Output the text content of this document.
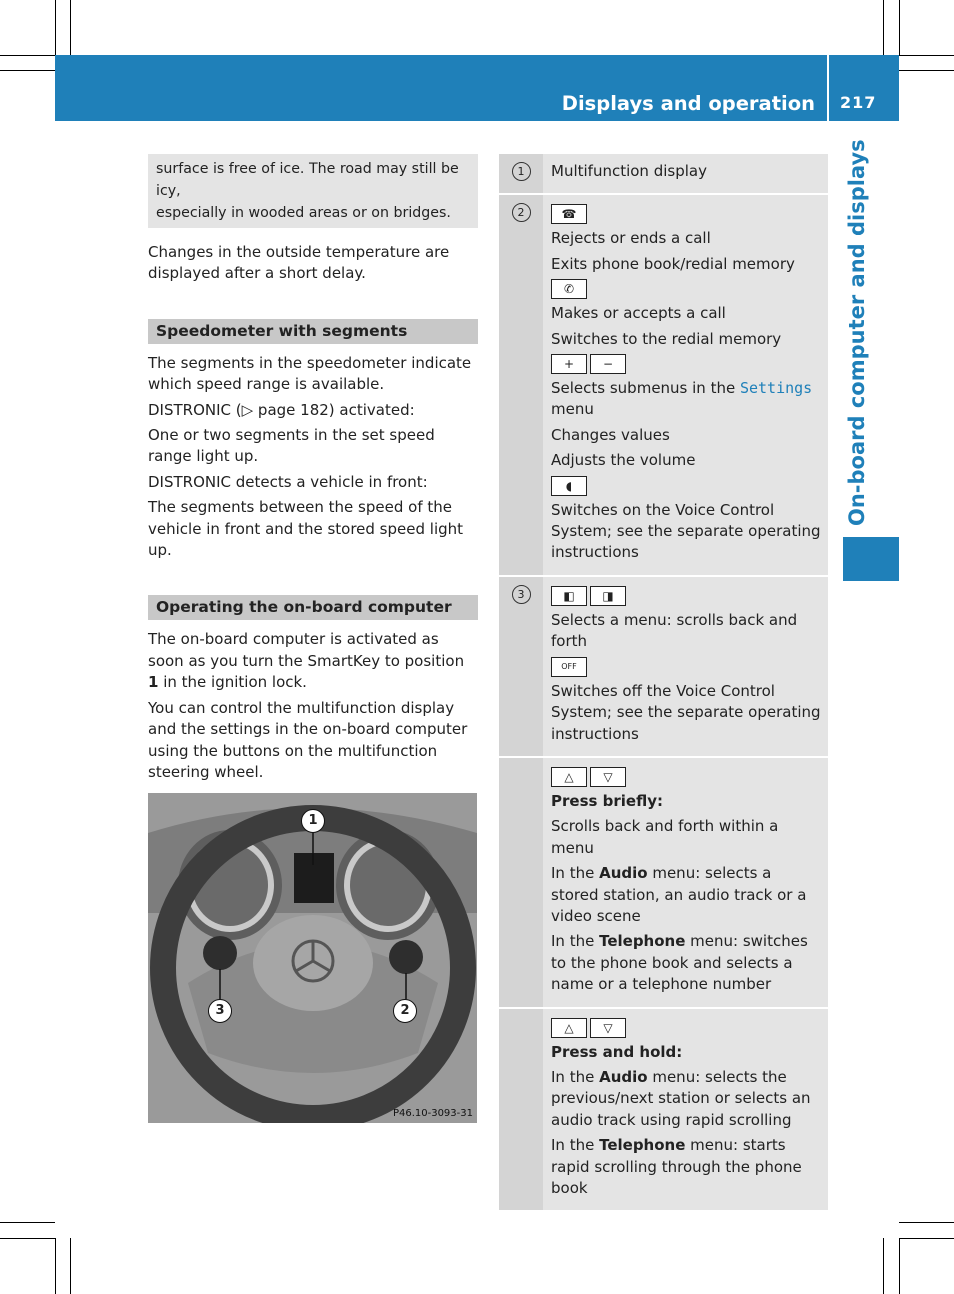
Displays and operation 217
On-board computer and displays
surface is free of ice. The road may still be icy,
especially in wooded areas or on bridges.

Changes in the outside temperature are displayed after a short delay.

Speedometer with segments

The segments in the speedometer indicate which speed range is available.

DISTRONIC (▷ page 182) activated:

One or two segments in the set speed range light up.

DISTRONIC detects a vehicle in front:

The segments between the speed of the vehicle in front and the stored speed light up.

Operating the on-board computer

The on-board computer is activated as soon as you turn the SmartKey to position 1 in the ignition lock.

You can control the multifunction display and the settings in the on-board computer using the buttons on the multifunction steering wheel.

1
2
3
P46.10-3093-31
1	Multifunction display

2	☎

Rejects or ends a call

Exits phone book/redial memory

✆

Makes or accepts a call

Switches to the redial memory

+	−

Selects submenus in the Settings menu

Changes values

Adjusts the volume

◖

Switches on the Voice Control System; see the separate operating instructions

3	◧	◨

Selects a menu: scrolls back and forth

OFF

Switches off the Voice Control System; see the separate operating instructions

△	▽

Press briefly:

Scrolls back and forth within a menu

In the Audio menu: selects a stored station, an audio track or a video scene

In the Telephone menu: switches to the phone book and selects a name or a telephone number

△	▽

Press and hold:

In the Audio menu: selects the previous/next station or selects an audio track using rapid scrolling

In the Telephone menu: starts rapid scrolling through the phone book
